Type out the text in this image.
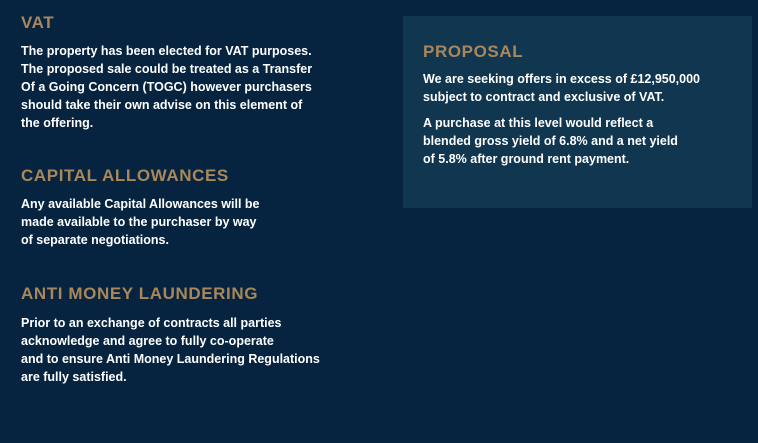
VAT

The property has been elected for VAT purposes.
The proposed sale could be treated as a Transfer
Of a Going Concern (TOGC) however purchasers
should take their own advise on this element of
the offering.

CAPITAL ALLOWANCES

Any available Capital Allowances will be
made available to the purchaser by way
of separate negotiations.

ANTI MONEY LAUNDERING

Prior to an exchange of contracts all parties
acknowledge and agree to fully co-operate
and to ensure Anti Money Laundering Regulations
are fully satisfied.

PROPOSAL

We are seeking offers in excess of £12,950,000
subject to contract and exclusive of VAT.

A purchase at this level would reflect a
blended gross yield of 6.8% and a net yield
of 5.8% after ground rent payment.
